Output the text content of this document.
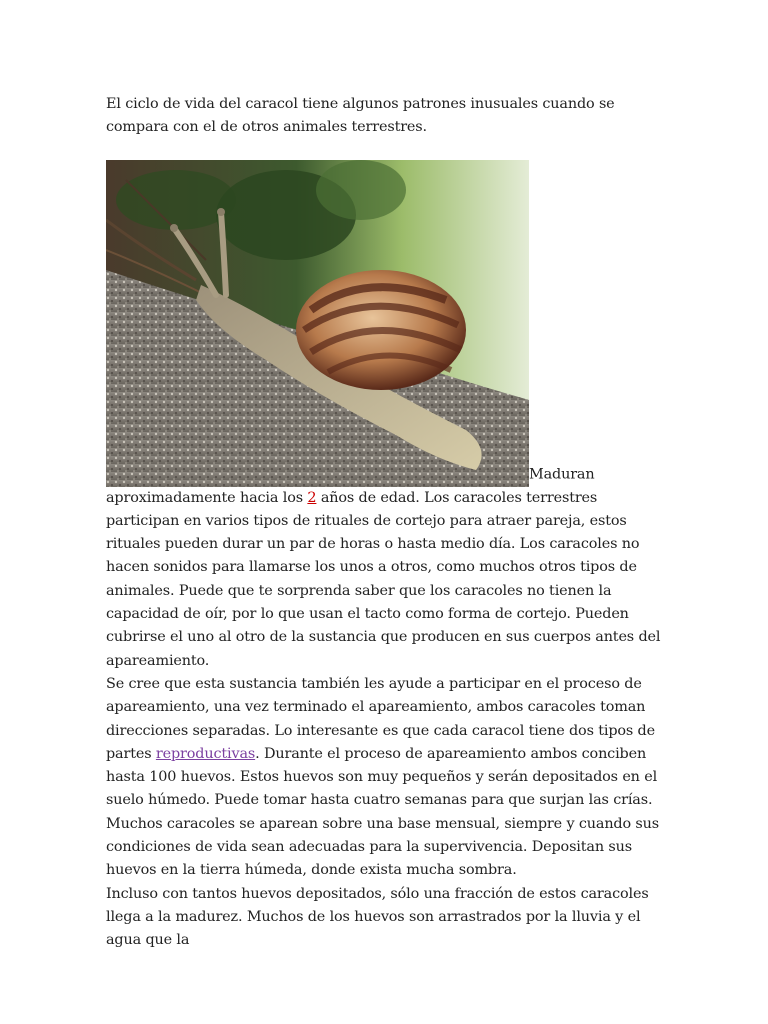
El ciclo de vida del caracol tiene algunos patrones inusuales cuando se compara con el de otros animales terrestres.

Maduran aproximadamente hacia los 2 años de edad. Los caracoles terrestres participan en varios tipos de rituales de cortejo para atraer pareja, estos rituales pueden durar un par de horas o hasta medio día. Los caracoles no hacen sonidos para llamarse los unos a otros, como muchos otros tipos de animales. Puede que te sorprenda saber que los caracoles no tienen la capacidad de oír, por lo que usan el tacto como forma de cortejo. Pueden cubrirse el uno al otro de la sustancia que producen en sus cuerpos antes del apareamiento.

Se cree que esta sustancia también les ayude a participar en el proceso de apareamiento, una vez terminado el apareamiento, ambos caracoles toman direcciones separadas. Lo interesante es que cada caracol tiene dos tipos de partes reproductivas. Durante el proceso de apareamiento ambos conciben hasta 100 huevos. Estos huevos son muy pequeños y serán depositados en el suelo húmedo. Puede tomar hasta cuatro semanas para que surjan las crías.

Muchos caracoles se aparean sobre una base mensual, siempre y cuando sus condiciones de vida sean adecuadas para la supervivencia. Depositan sus huevos en la tierra húmeda, donde exista mucha sombra.

Incluso con tantos huevos depositados, sólo una fracción de estos caracoles llega a la madurez. Muchos de los huevos son arrastrados por la lluvia y el agua que la
